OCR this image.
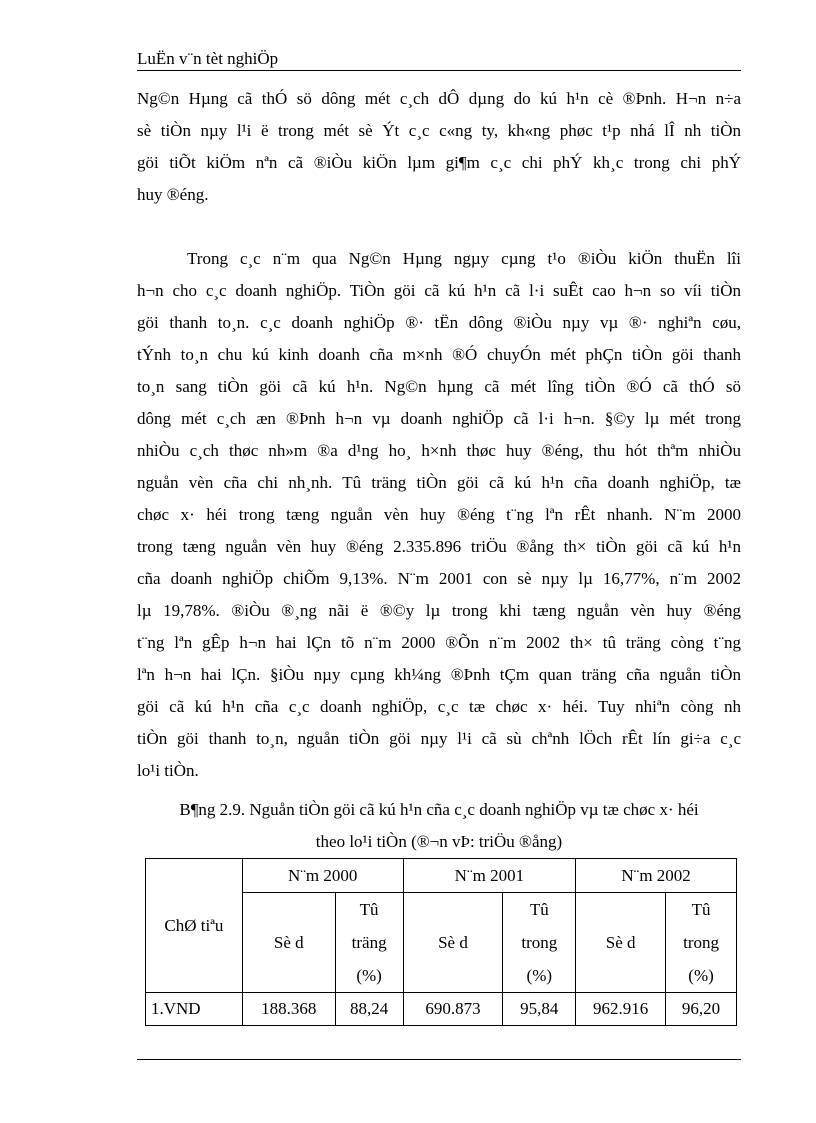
LuËn v¨n tèt nghiÖp
Ng©n Hµng cã thÓ sö dông mét c¸ch dÔ dµng do kú h¹n cè ®Þnh. H¬n n÷a
sè tiÒn nµy l¹i ë trong mét sè Ýt c¸c c«ng ty, kh«ng phøc t¹p nhá lÎ nh tiÒn
göi tiÕt kiÖm nªn cã ®iÒu kiÖn lµm gi¶m c¸c chi phÝ kh¸c trong chi phÝ
huy ®éng.
Trong c¸c n¨m qua Ng©n Hµng ngµy cµng t¹o ®iÒu kiÖn thuËn lîi
h¬n cho c¸c doanh nghiÖp. TiÒn göi cã kú h¹n cã l·i suÊt cao h¬n so víi tiÒn
göi thanh to¸n. c¸c doanh nghiÖp ®· tËn dông ®iÒu nµy vµ ®· nghiªn cøu,
tÝnh to¸n chu kú kinh doanh cña m×nh ®Ó chuyÓn mét phÇn tiÒn göi thanh
to¸n sang tiÒn göi cã kú h¹n. Ng©n hµng cã mét lîng tiÒn ®Ó cã thÓ sö
dông mét c¸ch æn ®Þnh h¬n vµ doanh nghiÖp cã l·i h¬n. §©y lµ mét trong
nhiÒu c¸ch thøc nh»m ®a d¹ng ho¸ h×nh thøc huy ®éng, thu hót thªm nhiÒu
nguån vèn cña chi nh¸nh. Tû träng tiÒn göi cã kú h¹n cña doanh nghiÖp, tæ
chøc x· héi trong tæng nguån vèn huy ®éng t¨ng lªn rÊt nhanh. N¨m 2000
trong tæng nguån vèn huy ®éng 2.335.896 triÖu ®ång th× tiÒn göi cã kú h¹n
cña doanh nghiÖp chiÕm 9,13%. N¨m 2001 con sè nµy lµ 16,77%, n¨m 2002
lµ 19,78%. ®iÒu ®¸ng nãi ë ®©y lµ trong khi tæng nguån vèn huy ®éng
t¨ng lªn gÊp h¬n hai lÇn tõ n¨m 2000 ®Õn n¨m 2002 th× tû träng còng t¨ng
lªn h¬n hai lÇn. §iÒu nµy cµng kh¼ng ®Þnh tÇm quan träng cña nguån tiÒn
göi cã kú h¹n cña c¸c doanh nghiÖp, c¸c tæ chøc x· héi. Tuy nhiªn còng nh
tiÒn göi thanh to¸n, nguån tiÒn göi nµy l¹i cã sù chªnh lÖch rÊt lín gi÷a c¸c
lo¹i tiÒn.
B¶ng 2.9. Nguån tiÒn göi cã kú h¹n cña c¸c doanh nghiÖp vµ tæ chøc x· héi
theo lo¹i tiÒn (®¬n vÞ: triÖu ®ång)
ChØ tiªu	N¨m 2000		N¨m 2001		N¨m 2002	
	Sè d	Tû
träng
(%)	Sè d	Tû
trong
(%)	Sè d	Tû
trong
(%)

1.VND	188.368	88,24	690.873	95,84	962.916	96,20
